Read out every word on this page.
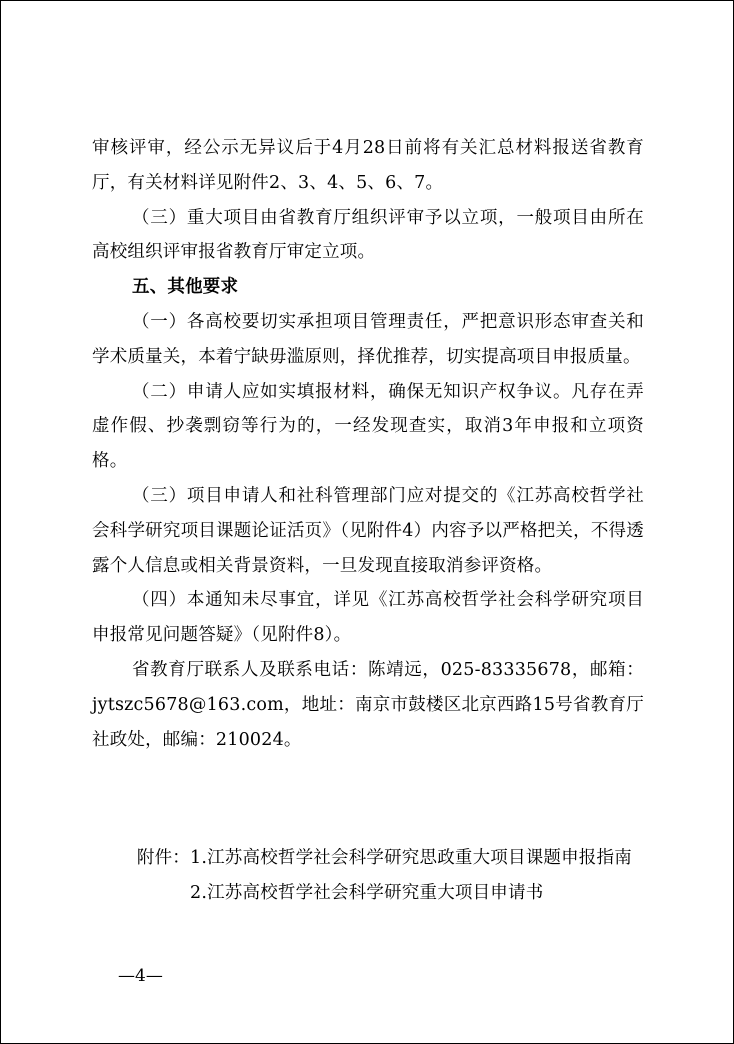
审核评审，经公示无异议后于4月28日前将有关汇总材料报送省教育厅，有关材料详见附件2、3、4、5、6、7。

（三）重大项目由省教育厅组织评审予以立项，一般项目由所在高校组织评审报省教育厅审定立项。

五、其他要求

（一）各高校要切实承担项目管理责任，严把意识形态审查关和学术质量关，本着宁缺毋滥原则，择优推荐，切实提高项目申报质量。

（二）申请人应如实填报材料，确保无知识产权争议。凡存在弄虚作假、抄袭剽窃等行为的，一经发现查实，取消3年申报和立项资格。

（三）项目申请人和社科管理部门应对提交的《江苏高校哲学社会科学研究项目课题论证活页》（见附件4）内容予以严格把关，不得透露个人信息或相关背景资料，一旦发现直接取消参评资格。

（四）本通知未尽事宜，详见《江苏高校哲学社会科学研究项目申报常见问题答疑》（见附件8）。

省教育厅联系人及联系电话：陈靖远，025-83335678，邮箱：jytszc5678@163.com，地址：南京市鼓楼区北京西路15号省教育厅社政处，邮编：210024。

附件： 1.江苏高校哲学社会科学研究思政重大项目课题申报指南
2.江苏高校哲学社会科学研究重大项目申请书
—4—
